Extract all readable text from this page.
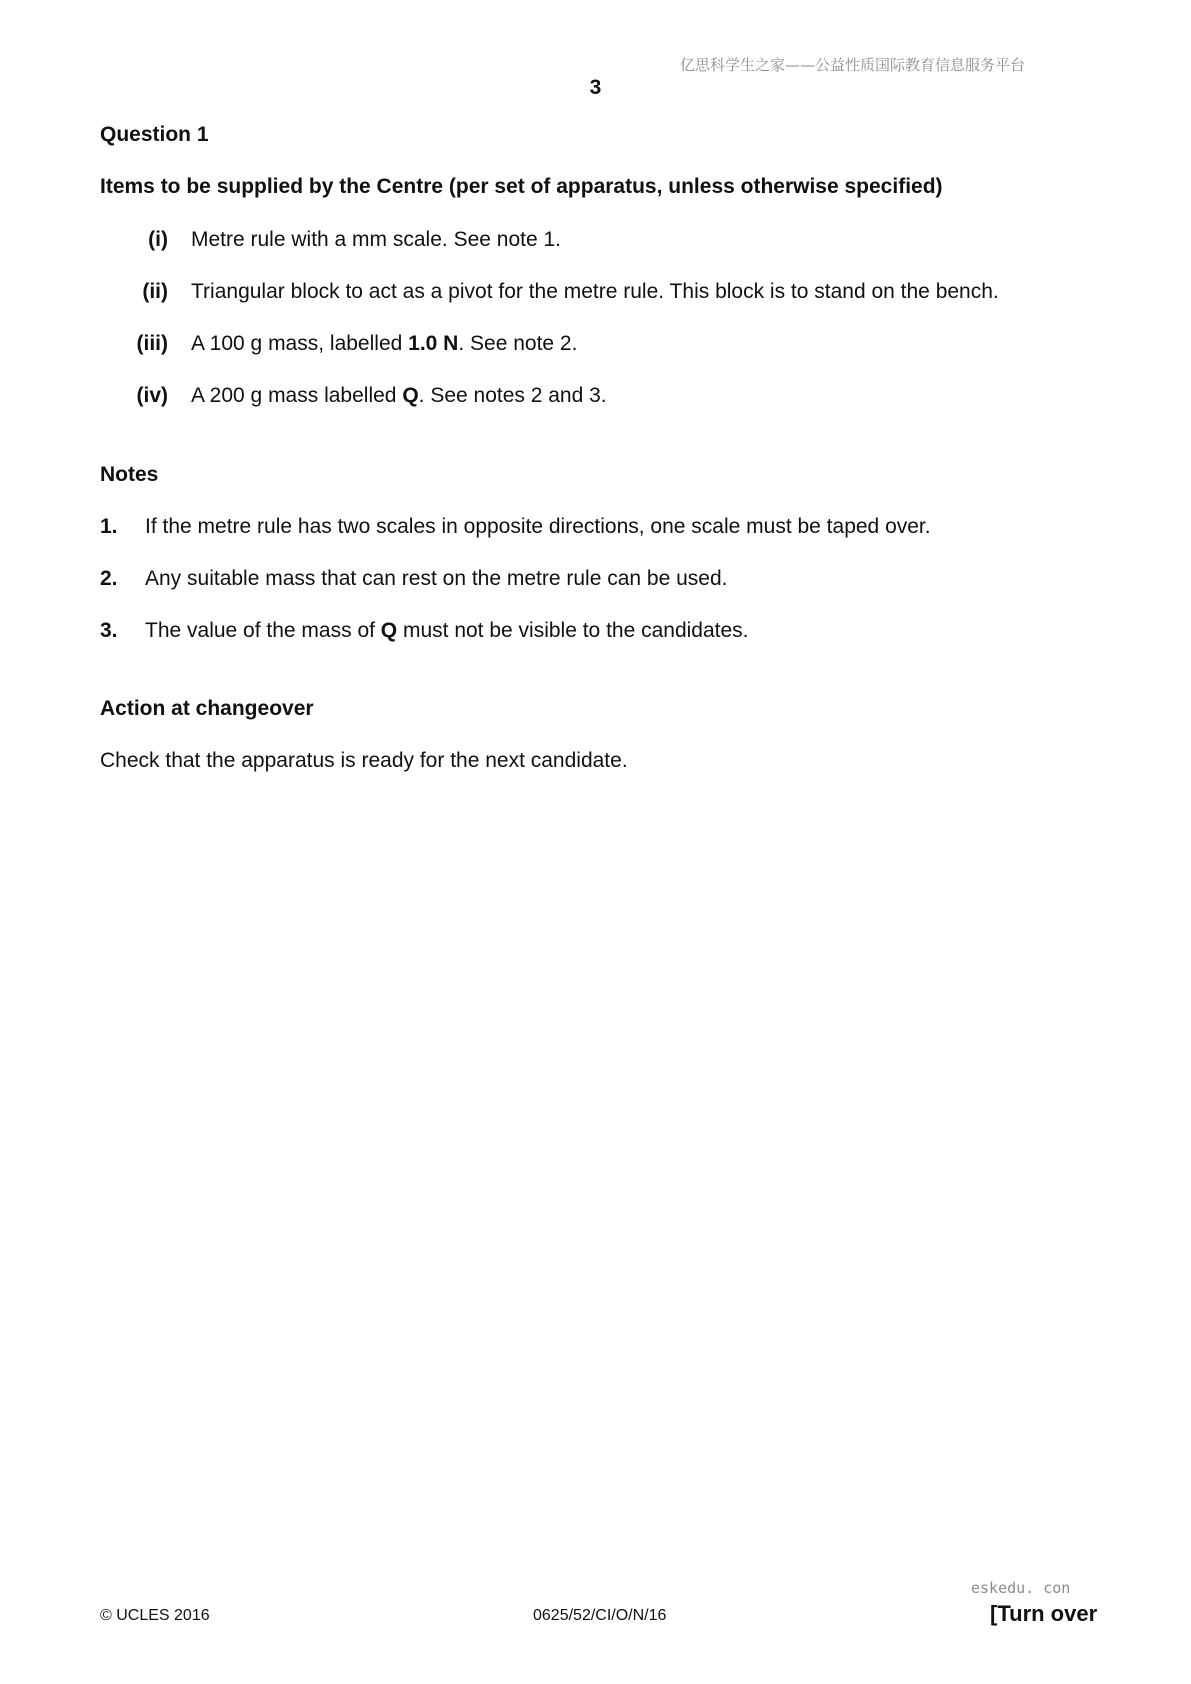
亿思科学生之家——公益性质国际教育信息服务平台
3
Question 1
Items to be supplied by the Centre (per set of apparatus, unless otherwise specified)
(i) Metre rule with a mm scale. See note 1.
(ii) Triangular block to act as a pivot for the metre rule. This block is to stand on the bench.
(iii) A 100 g mass, labelled 1.0 N. See note 2.
(iv) A 200 g mass labelled Q. See notes 2 and 3.
Notes
1. If the metre rule has two scales in opposite directions, one scale must be taped over.
2. Any suitable mass that can rest on the metre rule can be used.
3. The value of the mass of Q must not be visible to the candidates.
Action at changeover
Check that the apparatus is ready for the next candidate.
© UCLES 2016	0625/52/CI/O/N/16
eskedu. con
[Turn over
